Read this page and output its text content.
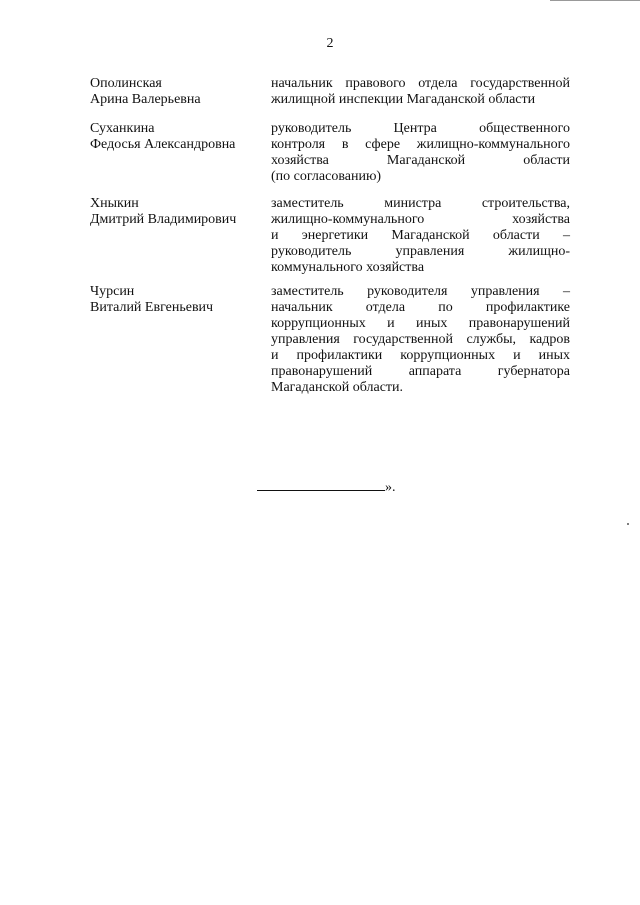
2
Ополинская
Арина Валерьевна
начальник правового отдела государственной
жилищной инспекции Магаданской области
Суханкина
Федосья Александровна
руководитель Центра общественного
контроля в сфере жилищно-коммунального
хозяйства Магаданской области
(по согласованию)
Хныкин
Дмитрий Владимирович
заместитель министра строительства,
жилищно-коммунального хозяйства
и энергетики Магаданской области –
руководитель управления жилищно-
коммунального хозяйства
Чурсин
Виталий Евгеньевич
заместитель руководителя управления –
начальник отдела по профилактике
коррупционных и иных правонарушений
управления государственной службы, кадров
и профилактики коррупционных и иных
правонарушений аппарата губернатора
Магаданской области.
».
